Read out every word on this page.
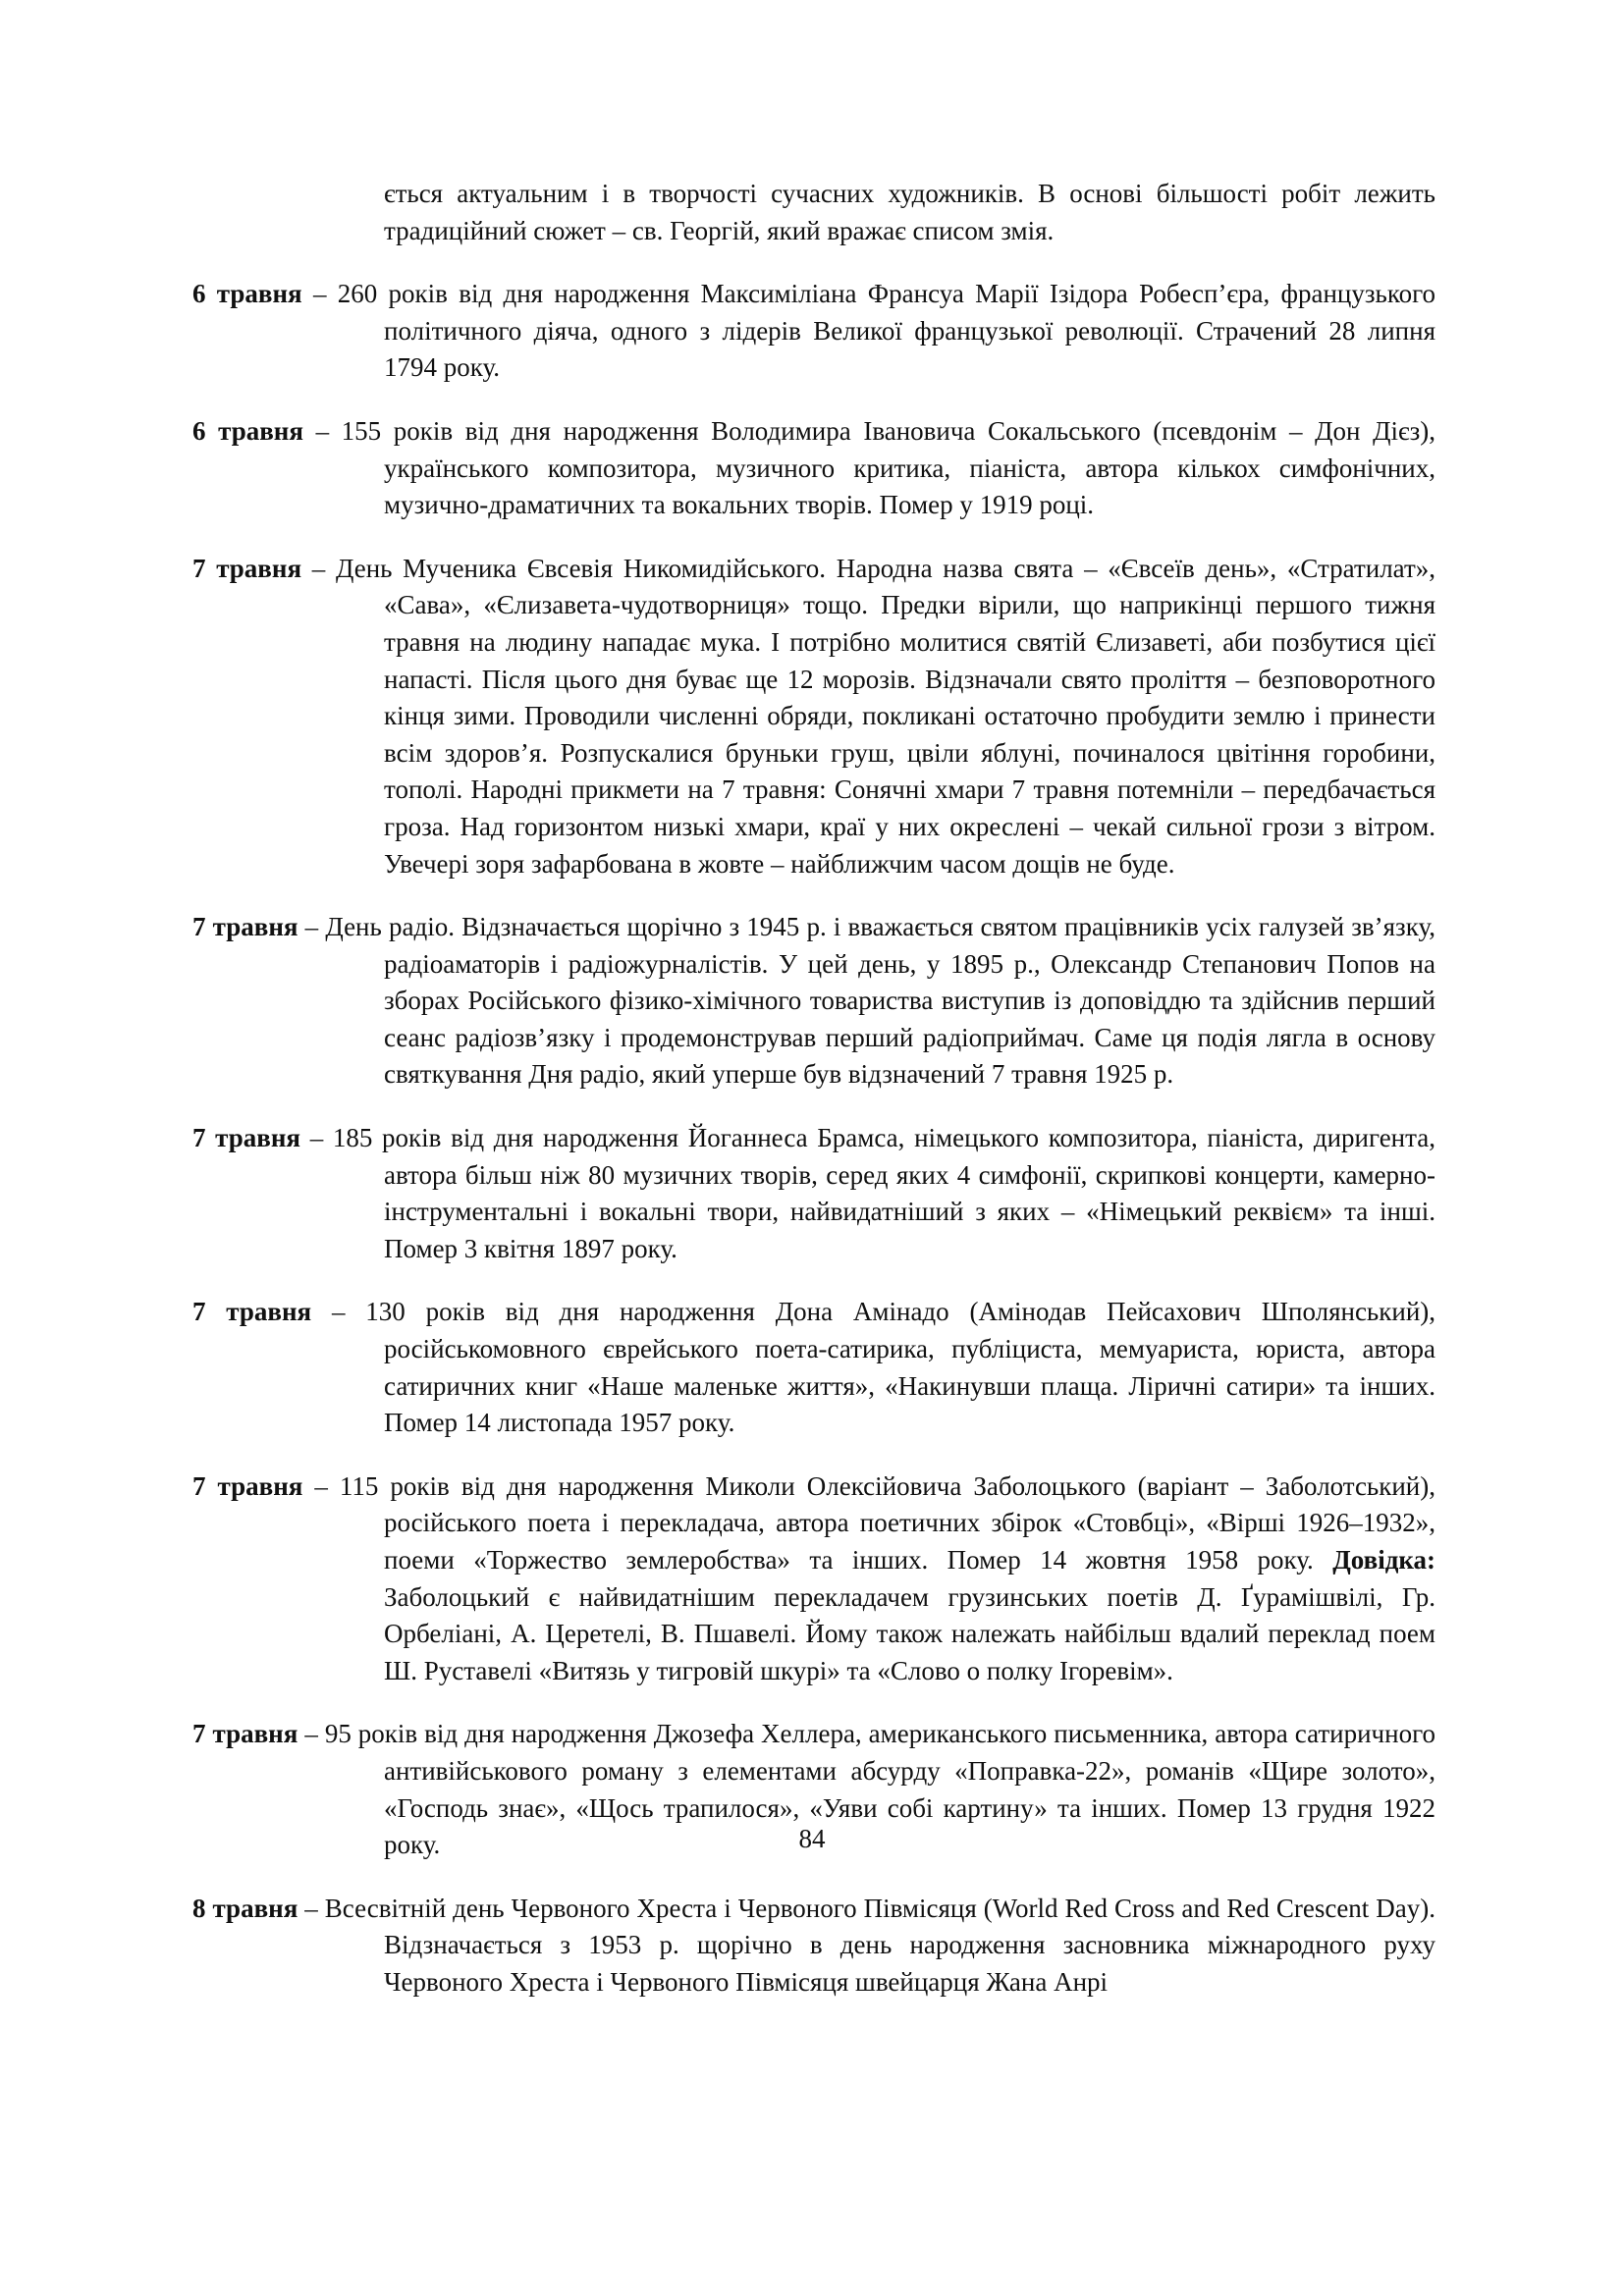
ється актуальним і в творчості сучасних художників. В основі більшості робіт лежить традиційний сюжет – св. Георгій, який вражає списом змія.

6 травня – 260 років від дня народження Максиміліана Франсуа Марії Ізідора Робесп’єра, французького політичного діяча, одного з лідерів Великої французької революції. Страчений 28 липня 1794 року.

6 травня – 155 років від дня народження Володимира Івановича Сокальського (псевдонім – Дон Дієз), українського композитора, музичного критика, піаніста, автора кількох симфонічних, музично-драматичних та вокальних творів. Помер у 1919 році.

7 травня – День Мученика Євсевія Никомидійського. Народна назва свята – «Євсеїв день», «Стратилат», «Сава», «Єлизавета-чудотворниця» тощо. Предки вірили, що наприкінці першого тижня травня на людину нападає мука. І потрібно молитися святій Єлизаветі, аби позбутися цієї напасті. Після цього дня буває ще 12 морозів. Відзначали свято проліття – безповоротного кінця зими. Проводили численні обряди, покликані остаточно пробудити землю і принести всім здоров’я. Розпускалися бруньки груш, цвіли яблуні, починалося цвітіння горобини, тополі. Народні прикмети на 7 травня: Сонячні хмари 7 травня потемніли – передбачається гроза. Над горизонтом низькі хмари, краї у них окреслені – чекай сильної грози з вітром. Увечері зоря зафарбована в жовте – найближчим часом дощів не буде.

7 травня – День радіо. Відзначається щорічно з 1945 р. і вважається святом працівників усіх галузей зв’язку, радіоаматорів і радіожурналістів. У цей день, у 1895 р., Олександр Степанович Попов на зборах Російського фізико-хімічного товариства виступив із доповіддю та здійснив перший сеанс радіозв’язку і продемонстрував перший радіоприймач. Саме ця подія лягла в основу святкування Дня радіо, який уперше був відзначений 7 травня 1925 р.

7 травня – 185 років від дня народження Йоганнеса Брамса, німецького композитора, піаніста, диригента, автора більш ніж 80 музичних творів, серед яких 4 симфонії, скрипкові концерти, камерно-інструментальні і вокальні твори, найвидатніший з яких – «Німецький реквієм» та інші. Помер 3 квітня 1897 року.

7 травня – 130 років від дня народження Дона Амінадо (Амінодав Пейсахович Шполянський), російськомовного єврейського поета-сатирика, публіциста, мемуариста, юриста, автора сатиричних книг «Наше маленьке життя», «Накинувши плаща. Ліричні сатири» та інших. Помер 14 листопада 1957 року.

7 травня – 115 років від дня народження Миколи Олексійовича Заболоцького (варіант – Заболотський), російського поета і перекладача, автора поетичних збірок «Стовбці», «Вірші 1926–1932», поеми «Торжество землеробства» та інших. Помер 14 жовтня 1958 року. Довідка: Заболоцький є найвидатнішим перекладачем грузинських поетів Д. Ґурамішвілі, Гр. Орбеліані, А. Церетелі, В. Пшавелі. Йому також належать найбільш вдалий переклад поем Ш. Руставелі «Витязь у тигровій шкурі» та «Слово о полку Ігоревім».

7 травня – 95 років від дня народження Джозефа Хеллера, американського письменника, автора сатиричного антивійськового роману з елементами абсурду «Поправка-22», романів «Щире золото», «Господь знає», «Щось трапилося», «Уяви собі картину» та інших. Помер 13 грудня 1922 року.

8 травня – Всесвітній день Червоного Хреста і Червоного Півмісяця (World Red Cross and Red Crescent Day). Відзначається з 1953 р. щорічно в день народження засновника міжнародного руху Червоного Хреста і Червоного Півмісяця швейцарця Жана Анрі

84
